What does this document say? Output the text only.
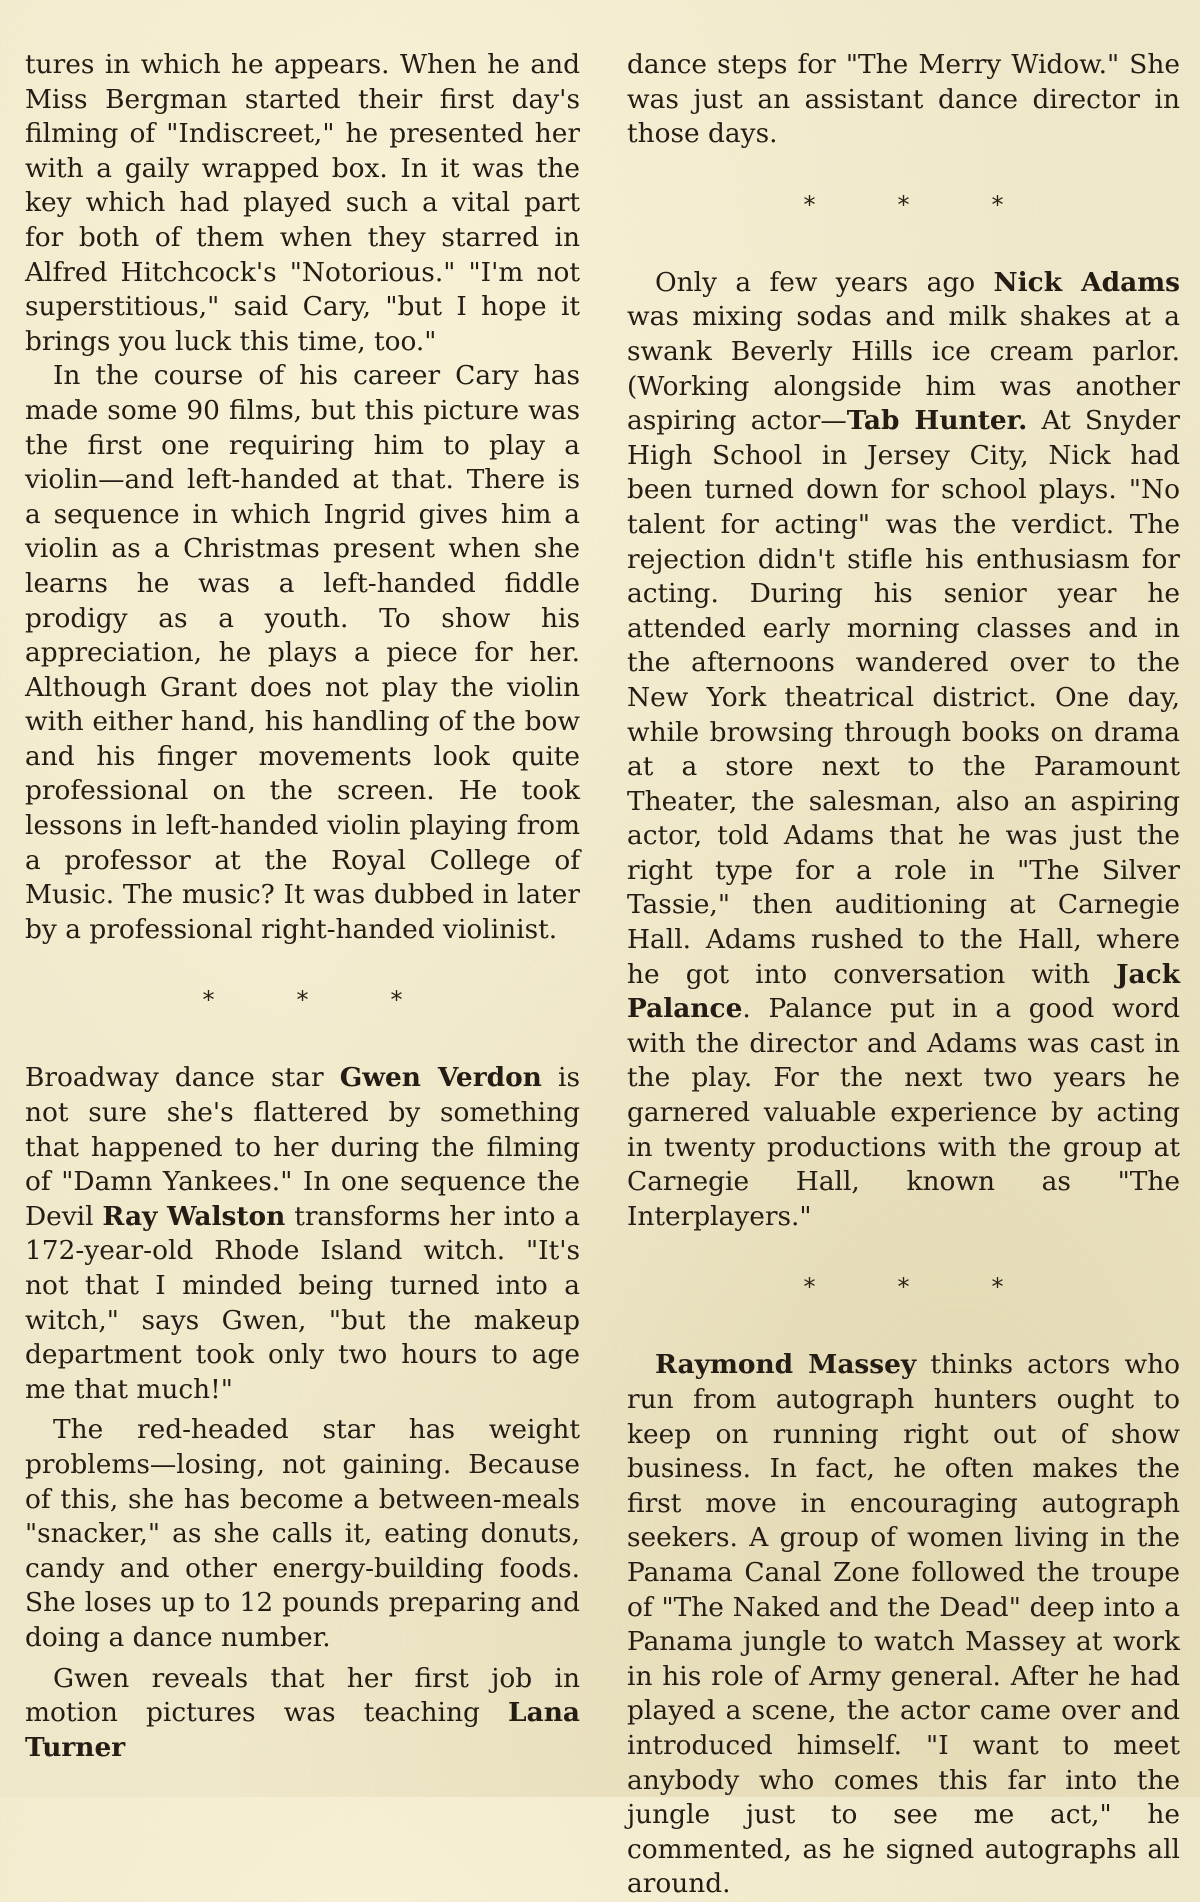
tures in which he appears. When he and Miss Bergman started their first day's filming of "Indiscreet," he presented her with a gaily wrapped box. In it was the key which had played such a vital part for both of them when they starred in Alfred Hitchcock's "Notorious." "I'm not superstitious," said Cary, "but I hope it brings you luck this time, too."

In the course of his career Cary has made some 90 films, but this picture was the first one requiring him to play a violin—and left-handed at that. There is a sequence in which Ingrid gives him a violin as a Christmas present when she learns he was a left-handed fiddle prodigy as a youth. To show his appreciation, he plays a piece for her. Although Grant does not play the violin with either hand, his handling of the bow and his finger movements look quite professional on the screen. He took lessons in left-handed violin playing from a professor at the Royal College of Music. The music? It was dubbed in later by a professional right-handed violinist.

*	*	*

Broadway dance star Gwen Verdon is not sure she's flattered by something that happened to her during the filming of "Damn Yankees." In one sequence the Devil Ray Walston transforms her into a 172-year-old Rhode Island witch. "It's not that I minded being turned into a witch," says Gwen, "but the makeup department took only two hours to age me that much!"

The red-headed star has weight problems—losing, not gaining. Because of this, she has become a between-meals "snacker," as she calls it, eating donuts, candy and other energy-building foods. She loses up to 12 pounds preparing and doing a dance number.

Gwen reveals that her first job in motion pictures was teaching Lana Turner

dance steps for "The Merry Widow." She was just an assistant dance director in those days.

*	*	*

Only a few years ago Nick Adams was mixing sodas and milk shakes at a swank Beverly Hills ice cream parlor. (Working alongside him was another aspiring actor—Tab Hunter. At Snyder High School in Jersey City, Nick had been turned down for school plays. "No talent for acting" was the verdict. The rejection didn't stifle his enthusiasm for acting. During his senior year he attended early morning classes and in the afternoons wandered over to the New York theatrical district. One day, while browsing through books on drama at a store next to the Paramount Theater, the salesman, also an aspiring actor, told Adams that he was just the right type for a role in "The Silver Tassie," then auditioning at Carnegie Hall. Adams rushed to the Hall, where he got into conversation with Jack Palance. Palance put in a good word with the director and Adams was cast in the play. For the next two years he garnered valuable experience by acting in twenty productions with the group at Carnegie Hall, known as "The Interplayers."

*	*	*

Raymond Massey thinks actors who run from autograph hunters ought to keep on running right out of show business. In fact, he often makes the first move in encouraging autograph seekers. A group of women living in the Panama Canal Zone followed the troupe of "The Naked and the Dead" deep into a Panama jungle to watch Massey at work in his role of Army general. After he had played a scene, the actor came over and introduced himself. "I want to meet anybody who comes this far into the jungle just to see me act," he commented, as he signed autographs all around.
